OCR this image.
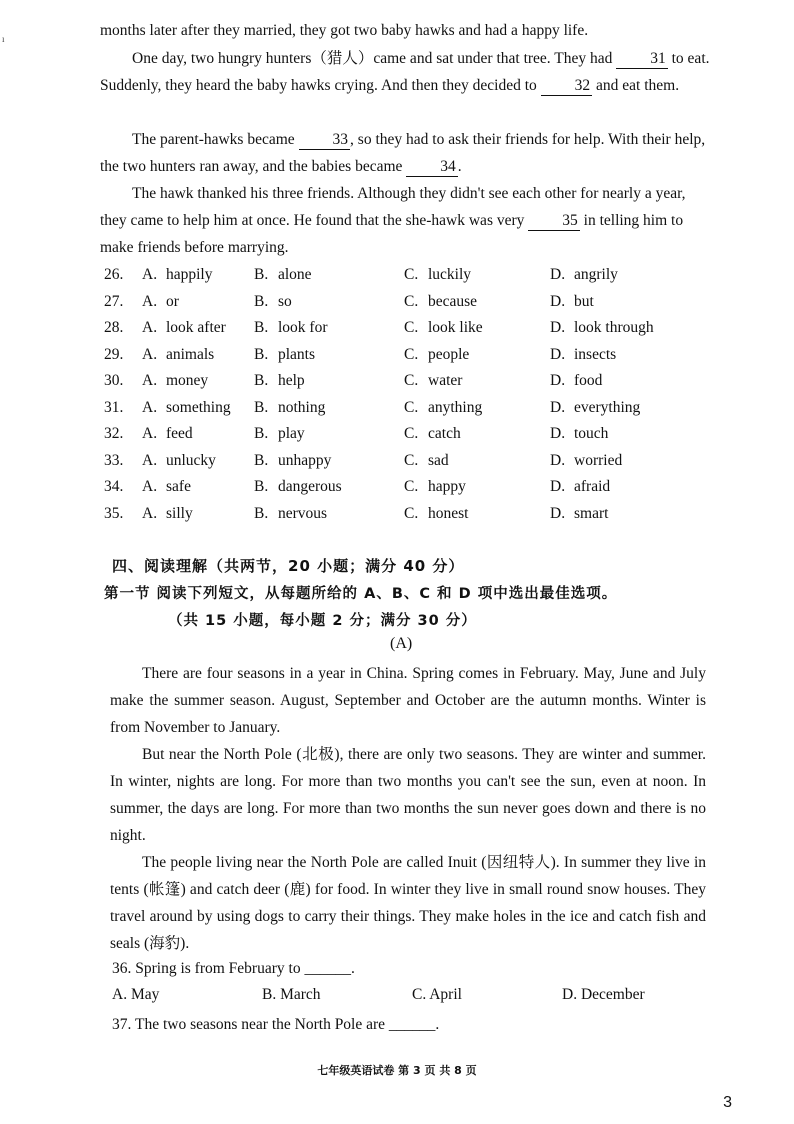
ı	months later after they married, they got two baby hawks and had a happy life.

One day, two hungry hunters（猎人）came and sat under that tree. They had 31 to eat. Suddenly, they heard the baby hawks crying. And then they decided to 32 and eat them.

The parent-hawks became 33 , so they had to ask their friends for help. With their help, the two hunters ran away, and the babies became 34 .

The hawk thanked his three friends. Although they didn't see each other for nearly a year, they came to help him at once. He found that the she-hawk was very 35 in telling him to make friends before marrying.

26.	A. happily	B. alone	C. luckily	D. angrily
27.	A. or	B. so	C. because	D. but
28.	A. look after B. look for	C. look like	D. look through
29.	A. animals	B. plants	C. people	D. insects
30.	A. money	B. help	C. water	D. food
31.	A. something B. nothing	C. anything	D. everything
32.	A. feed	B. play	C. catch	D. touch
33.	A. unlucky B. unhappy	C. sad	D. worried
34.	A. safe	B. dangerous	C. happy	D. afraid
35.	A. silly	B. nervous	C. honest	D. smart
四、阅读理解（共两节，20 小题；满分 40 分）
第一节 阅读下列短文，从每题所给的 A、B、C 和 D 项中选出最佳选项。
（共 15 小题，每小题 2 分；满分 30 分）
(A)

There are four seasons in a year in China. Spring comes in February. May, June and July make the summer season. August, September and October are the autumn months. Winter is from November to January.

But near the North Pole (北极), there are only two seasons. They are winter and summer. In winter, nights are long. For more than two months you can't see the sun, even at noon. In summer, the days are long. For more than two months the sun never goes down and there is no night.

The people living near the North Pole are called Inuit (因纽特人). In summer they live in tents (帐篷) and catch deer (鹿) for food. In winter they live in small round snow houses. They travel around by using dogs to carry their things. They make holes in the ice and catch fish and seals (海豹).

36. Spring is from February to ______.
A. May	B. March	C. April	D. December
37. The two seasons near the North Pole are ______.
七年级英语试卷 第 3 页 共 8 页
3
